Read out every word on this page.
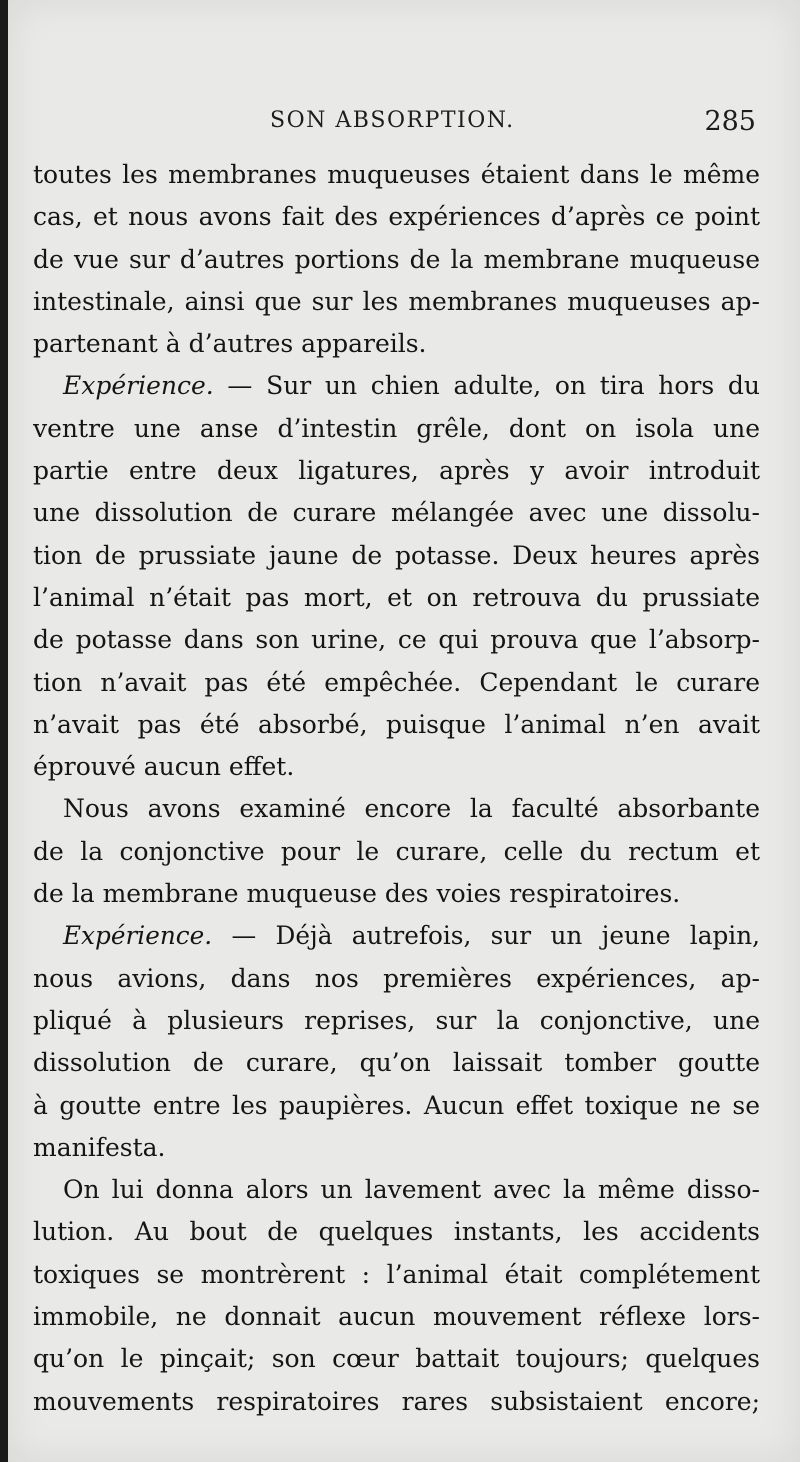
SON ABSORPTION.	285
toutes les membranes muqueuses étaient dans le même
cas, et nous avons fait des expériences d’après ce point
de vue sur d’autres portions de la membrane muqueuse
intestinale, ainsi que sur les membranes muqueuses ap-
partenant à d’autres appareils.
Expérience. — Sur un chien adulte, on tira hors du
ventre une anse d’intestin grêle, dont on isola une
partie entre deux ligatures, après y avoir introduit
une dissolution de curare mélangée avec une dissolu-
tion de prussiate jaune de potasse. Deux heures après
l’animal n’était pas mort, et on retrouva du prussiate
de potasse dans son urine, ce qui prouva que l’absorp-
tion n’avait pas été empêchée. Cependant le curare
n’avait pas été absorbé, puisque l’animal n’en avait
éprouvé aucun effet.
Nous avons examiné encore la faculté absorbante
de la conjonctive pour le curare, celle du rectum et
de la membrane muqueuse des voies respiratoires.
Expérience. — Déjà autrefois, sur un jeune lapin,
nous avions, dans nos premières expériences, ap-
pliqué à plusieurs reprises, sur la conjonctive, une
dissolution de curare, qu’on laissait tomber goutte
à goutte entre les paupières. Aucun effet toxique ne se
manifesta.
On lui donna alors un lavement avec la même disso-
lution. Au bout de quelques instants, les accidents
toxiques se montrèrent : l’animal était complétement
immobile, ne donnait aucun mouvement réflexe lors-
qu’on le pinçait; son cœur battait toujours; quelques
mouvements respiratoires rares subsistaient encore;
